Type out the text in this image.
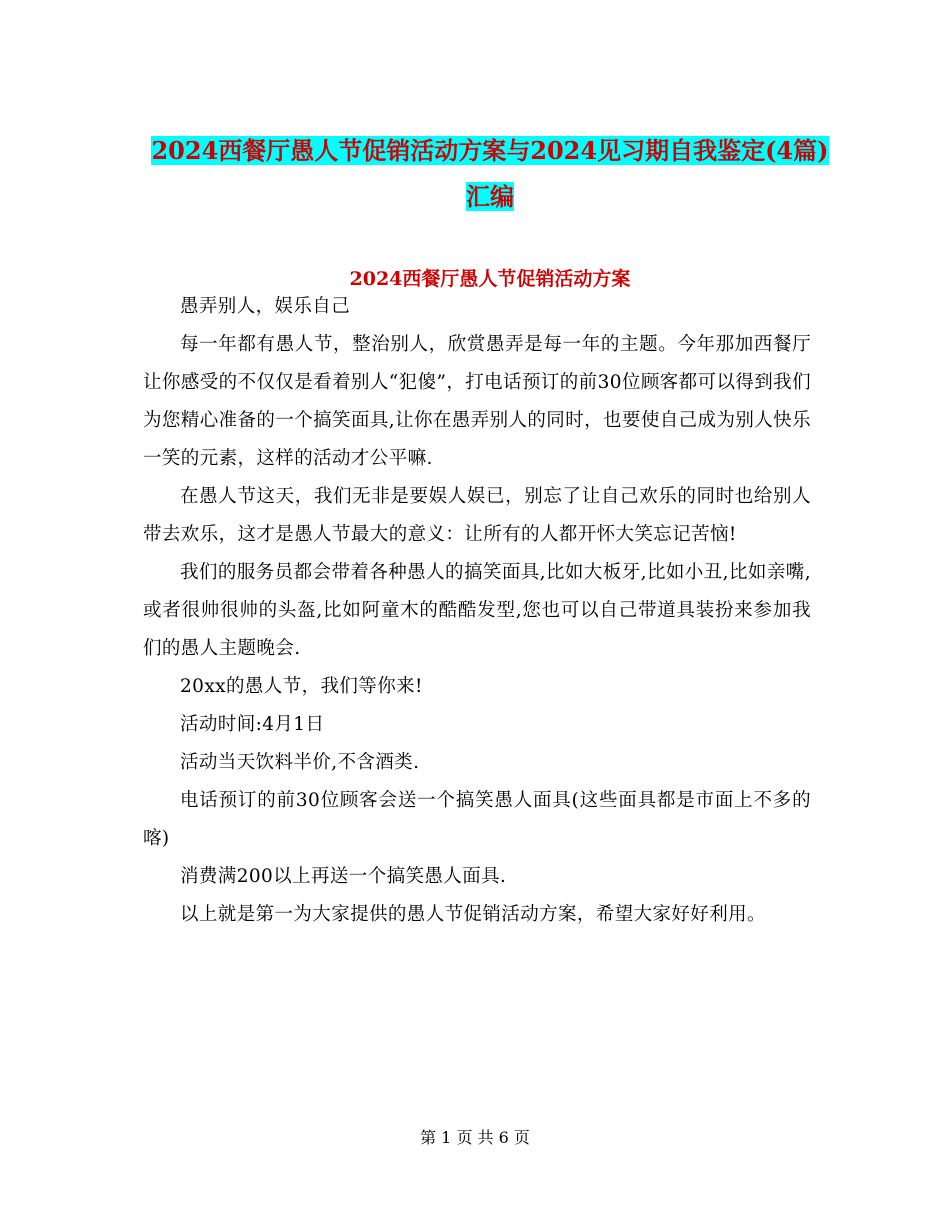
2024西餐厅愚人节促销活动方案与2024见习期自我鉴定(4篇)汇编
2024西餐厅愚人节促销活动方案

愚弄别人，娱乐自己

每一年都有愚人节，整治别人，欣赏愚弄是每一年的主题。今年那加西餐厅让你感受的不仅仅是看着别人“犯傻”，打电话预订的前30位顾客都可以得到我们为您精心准备的一个搞笑面具,让你在愚弄别人的同时，也要使自己成为别人快乐一笑的元素，这样的活动才公平嘛.

在愚人节这天，我们无非是要娱人娱已，别忘了让自己欢乐的同时也给别人带去欢乐，这才是愚人节最大的意义：让所有的人都开怀大笑忘记苦恼!

我们的服务员都会带着各种愚人的搞笑面具,比如大板牙,比如小丑,比如亲嘴,或者很帅很帅的头盔,比如阿童木的酷酷发型,您也可以自己带道具装扮来参加我们的愚人主题晚会.

20xx的愚人节，我们等你来!

活动时间:4月1日

活动当天饮料半价,不含酒类.

电话预订的前30位顾客会送一个搞笑愚人面具(这些面具都是市面上不多的喀)

消费满200以上再送一个搞笑愚人面具.

以上就是第一为大家提供的愚人节促销活动方案，希望大家好好利用。

第 1 页 共 6 页
